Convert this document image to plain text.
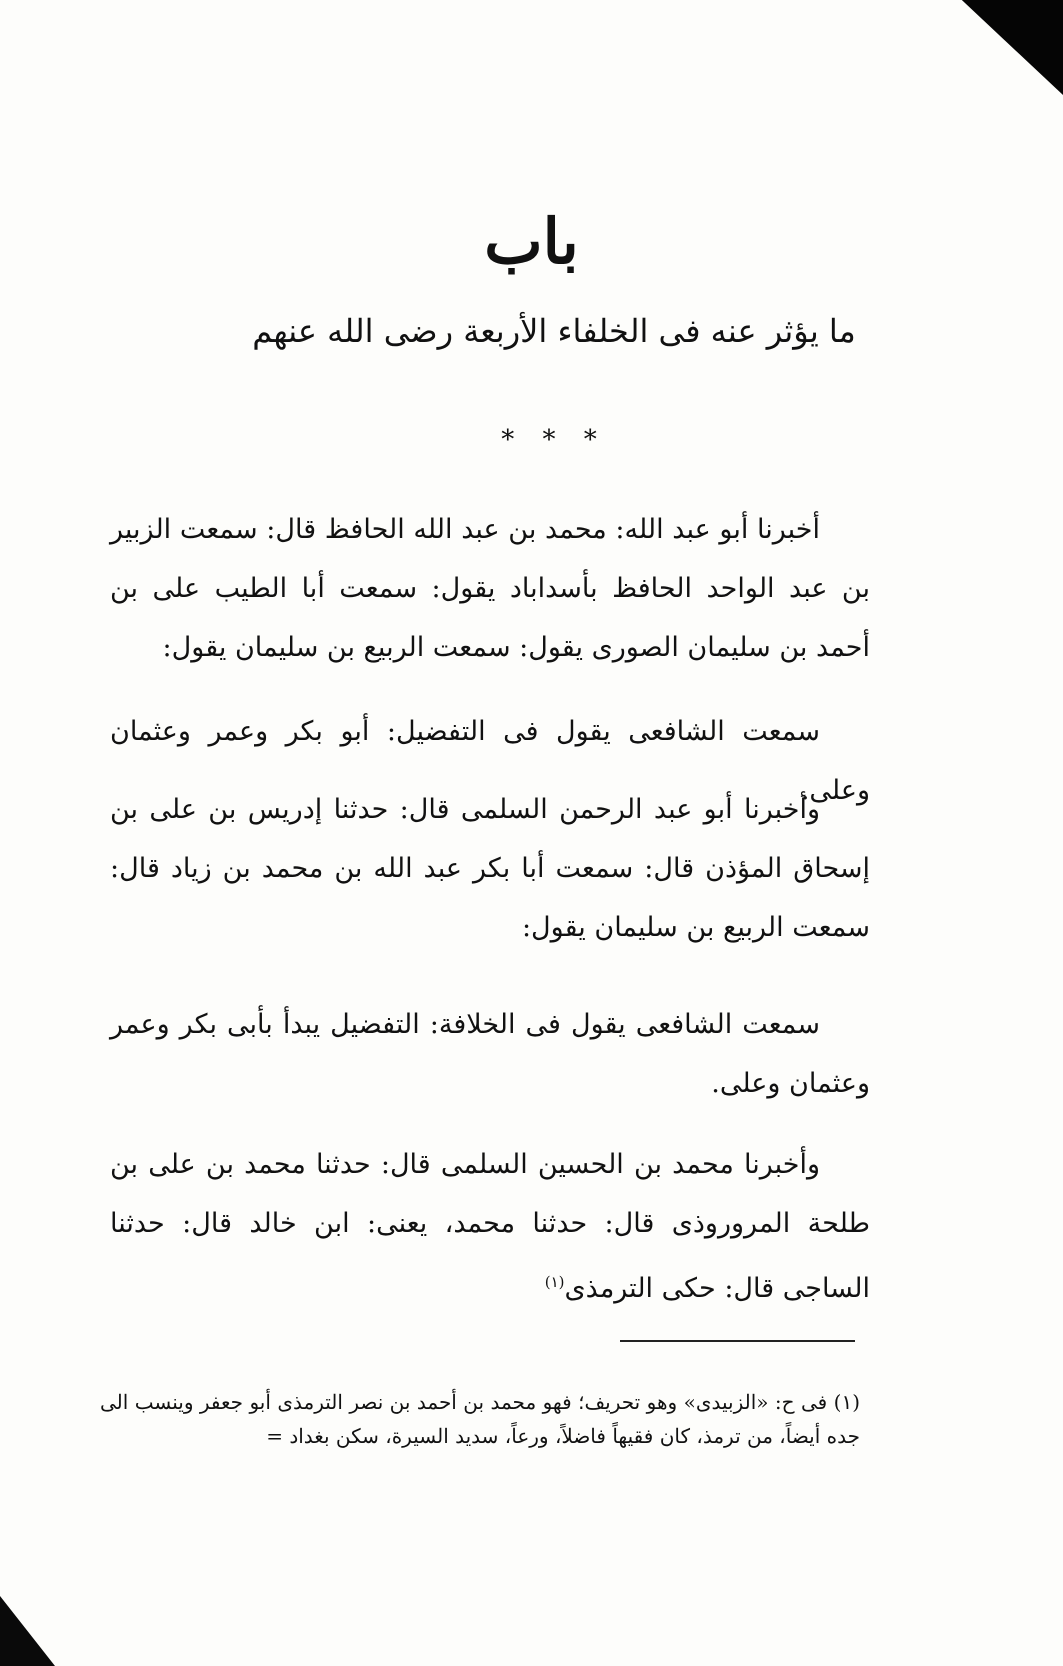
باب
ما يؤثر عنه فى الخلفاء الأربعة رضى الله عنهم
* * *
أخبرنا أبو عبد الله: محمد بن عبد الله الحافظ قال: سمعت الزبير بن عبد الواحد الحافظ بأسداباد يقول: سمعت أبا الطيب على بن أحمد بن سليمان الصورى يقول: سمعت الربيع بن سليمان يقول:
سمعت الشافعى يقول فى التفضيل: أبو بكر وعمر وعثمان وعلى.
وأخبرنا أبو عبد الرحمن السلمى قال: حدثنا إدريس بن على بن إسحاق المؤذن قال: سمعت أبا بكر عبد الله بن محمد بن زياد قال: سمعت الربيع بن سليمان يقول:
سمعت الشافعى يقول فى الخلافة: التفضيل يبدأ بأبى بكر وعمر وعثمان وعلى.
وأخبرنا محمد بن الحسين السلمى قال: حدثنا محمد بن على بن طلحة المروروذى قال: حدثنا محمد، يعنى: ابن خالد قال: حدثنا الساجى قال: حكى الترمذى$^{(١)}$
(١) فى ح: «الزبيدى» وهو تحريف؛ فهو محمد بن أحمد بن نصر الترمذى أبو جعفر وينسب الى جده أيضاً، من ترمذ، كان فقيهاً فاضلاً، ورعاً، سديد السيرة، سكن بغداد =
